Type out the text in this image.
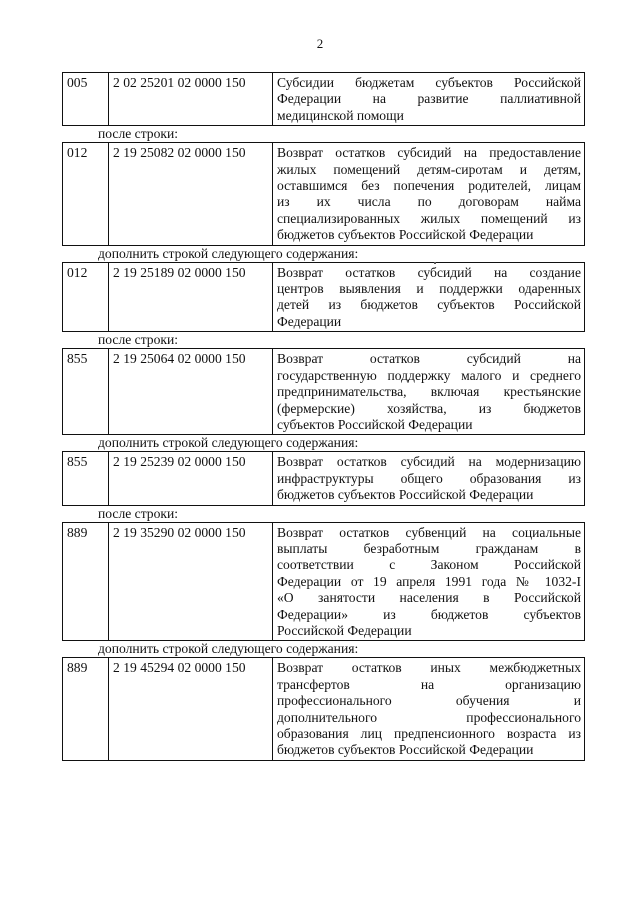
2
005	2 02 25201 02 0000 150	Субсидии бюджетам субъектов Российской
Федерации на развитие паллиативной
медицинской помощи
после строки:
012	2 19 25082 02 0000 150	Возврат остатков субсидий на предоставление
жилых помещений детям-сиротам и детям,
оставшимся без попечения родителей, лицам
из их числа по договорам найма
специализированных жилых помещений из
бюджетов субъектов Российской Федерации
дополнить строкой следующего содержания:
012	2 19 25189 02 0000 150	Возврат остатков субсидий на создание
центров выявления и поддержки одаренных
детей из бюджетов субъектов Российской
Федерации
после строки:
855	2 19 25064 02 0000 150	Возврат остатков субсидий на
государственную поддержку малого и среднего
предпринимательства, включая крестьянские
(фермерские) хозяйства, из бюджетов
субъектов Российской Федерации
дополнить строкой следующего содержания:
855	2 19 25239 02 0000 150	Возврат остатков субсидий на модернизацию
инфраструктуры общего образования из
бюджетов субъектов Российской Федерации
после строки:
889	2 19 35290 02 0000 150	Возврат остатков субвенций на социальные
выплаты безработным гражданам в
соответствии с Законом Российской
Федерации от 19 апреля 1991 года № 1032-I
«О занятости населения в Российской
Федерации» из бюджетов субъектов
Российской Федерации
дополнить строкой следующего содержания:
889	2 19 45294 02 0000 150	Возврат остатков иных межбюджетных
трансфертов на организацию
профессионального обучения и
дополнительного профессионального
образования лиц предпенсионного возраста из
бюджетов субъектов Российской Федерации
